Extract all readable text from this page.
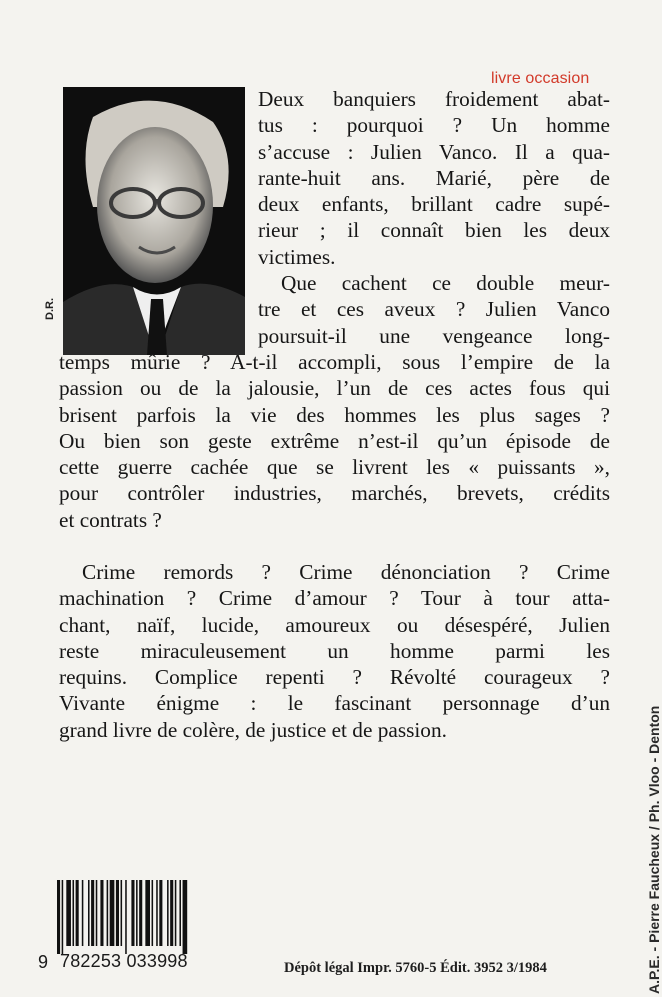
livre occasion
D.R.
Deux banquiers froidement abat-
tus : pourquoi ? Un homme
s’accuse : Julien Vanco. Il a qua-
rante-huit ans. Marié, père de
deux enfants, brillant cadre supé-
rieur ; il connaît bien les deux
victimes.
Que cachent ce double meur-
tre et ces aveux ? Julien Vanco
poursuit-il une vengeance long-
temps mûrie ? A-t-il accompli, sous l’empire de la
passion ou de la jalousie, l’un de ces actes fous qui
brisent parfois la vie des hommes les plus sages ?
Ou bien son geste extrême n’est-il qu’un épisode de
cette guerre cachée que se livrent les « puissants »,
pour contrôler industries, marchés, brevets, crédits
et contrats ?
Crime remords ? Crime dénonciation ? Crime
machination ? Crime d’amour ? Tour à tour atta-
chant, naïf, lucide, amoureux ou désespéré, Julien
reste miraculeusement un homme parmi les
requins. Complice repenti ? Révolté courageux ?
Vivante énigme : le fascinant personnage d’un
grand livre de colère, de justice et de passion.
9 782253 033998	Dépôt légal Impr. 5760-5 Édit. 3952 3/1984	A.P.E. - Pierre Faucheux / Ph. Vloo - Denton
